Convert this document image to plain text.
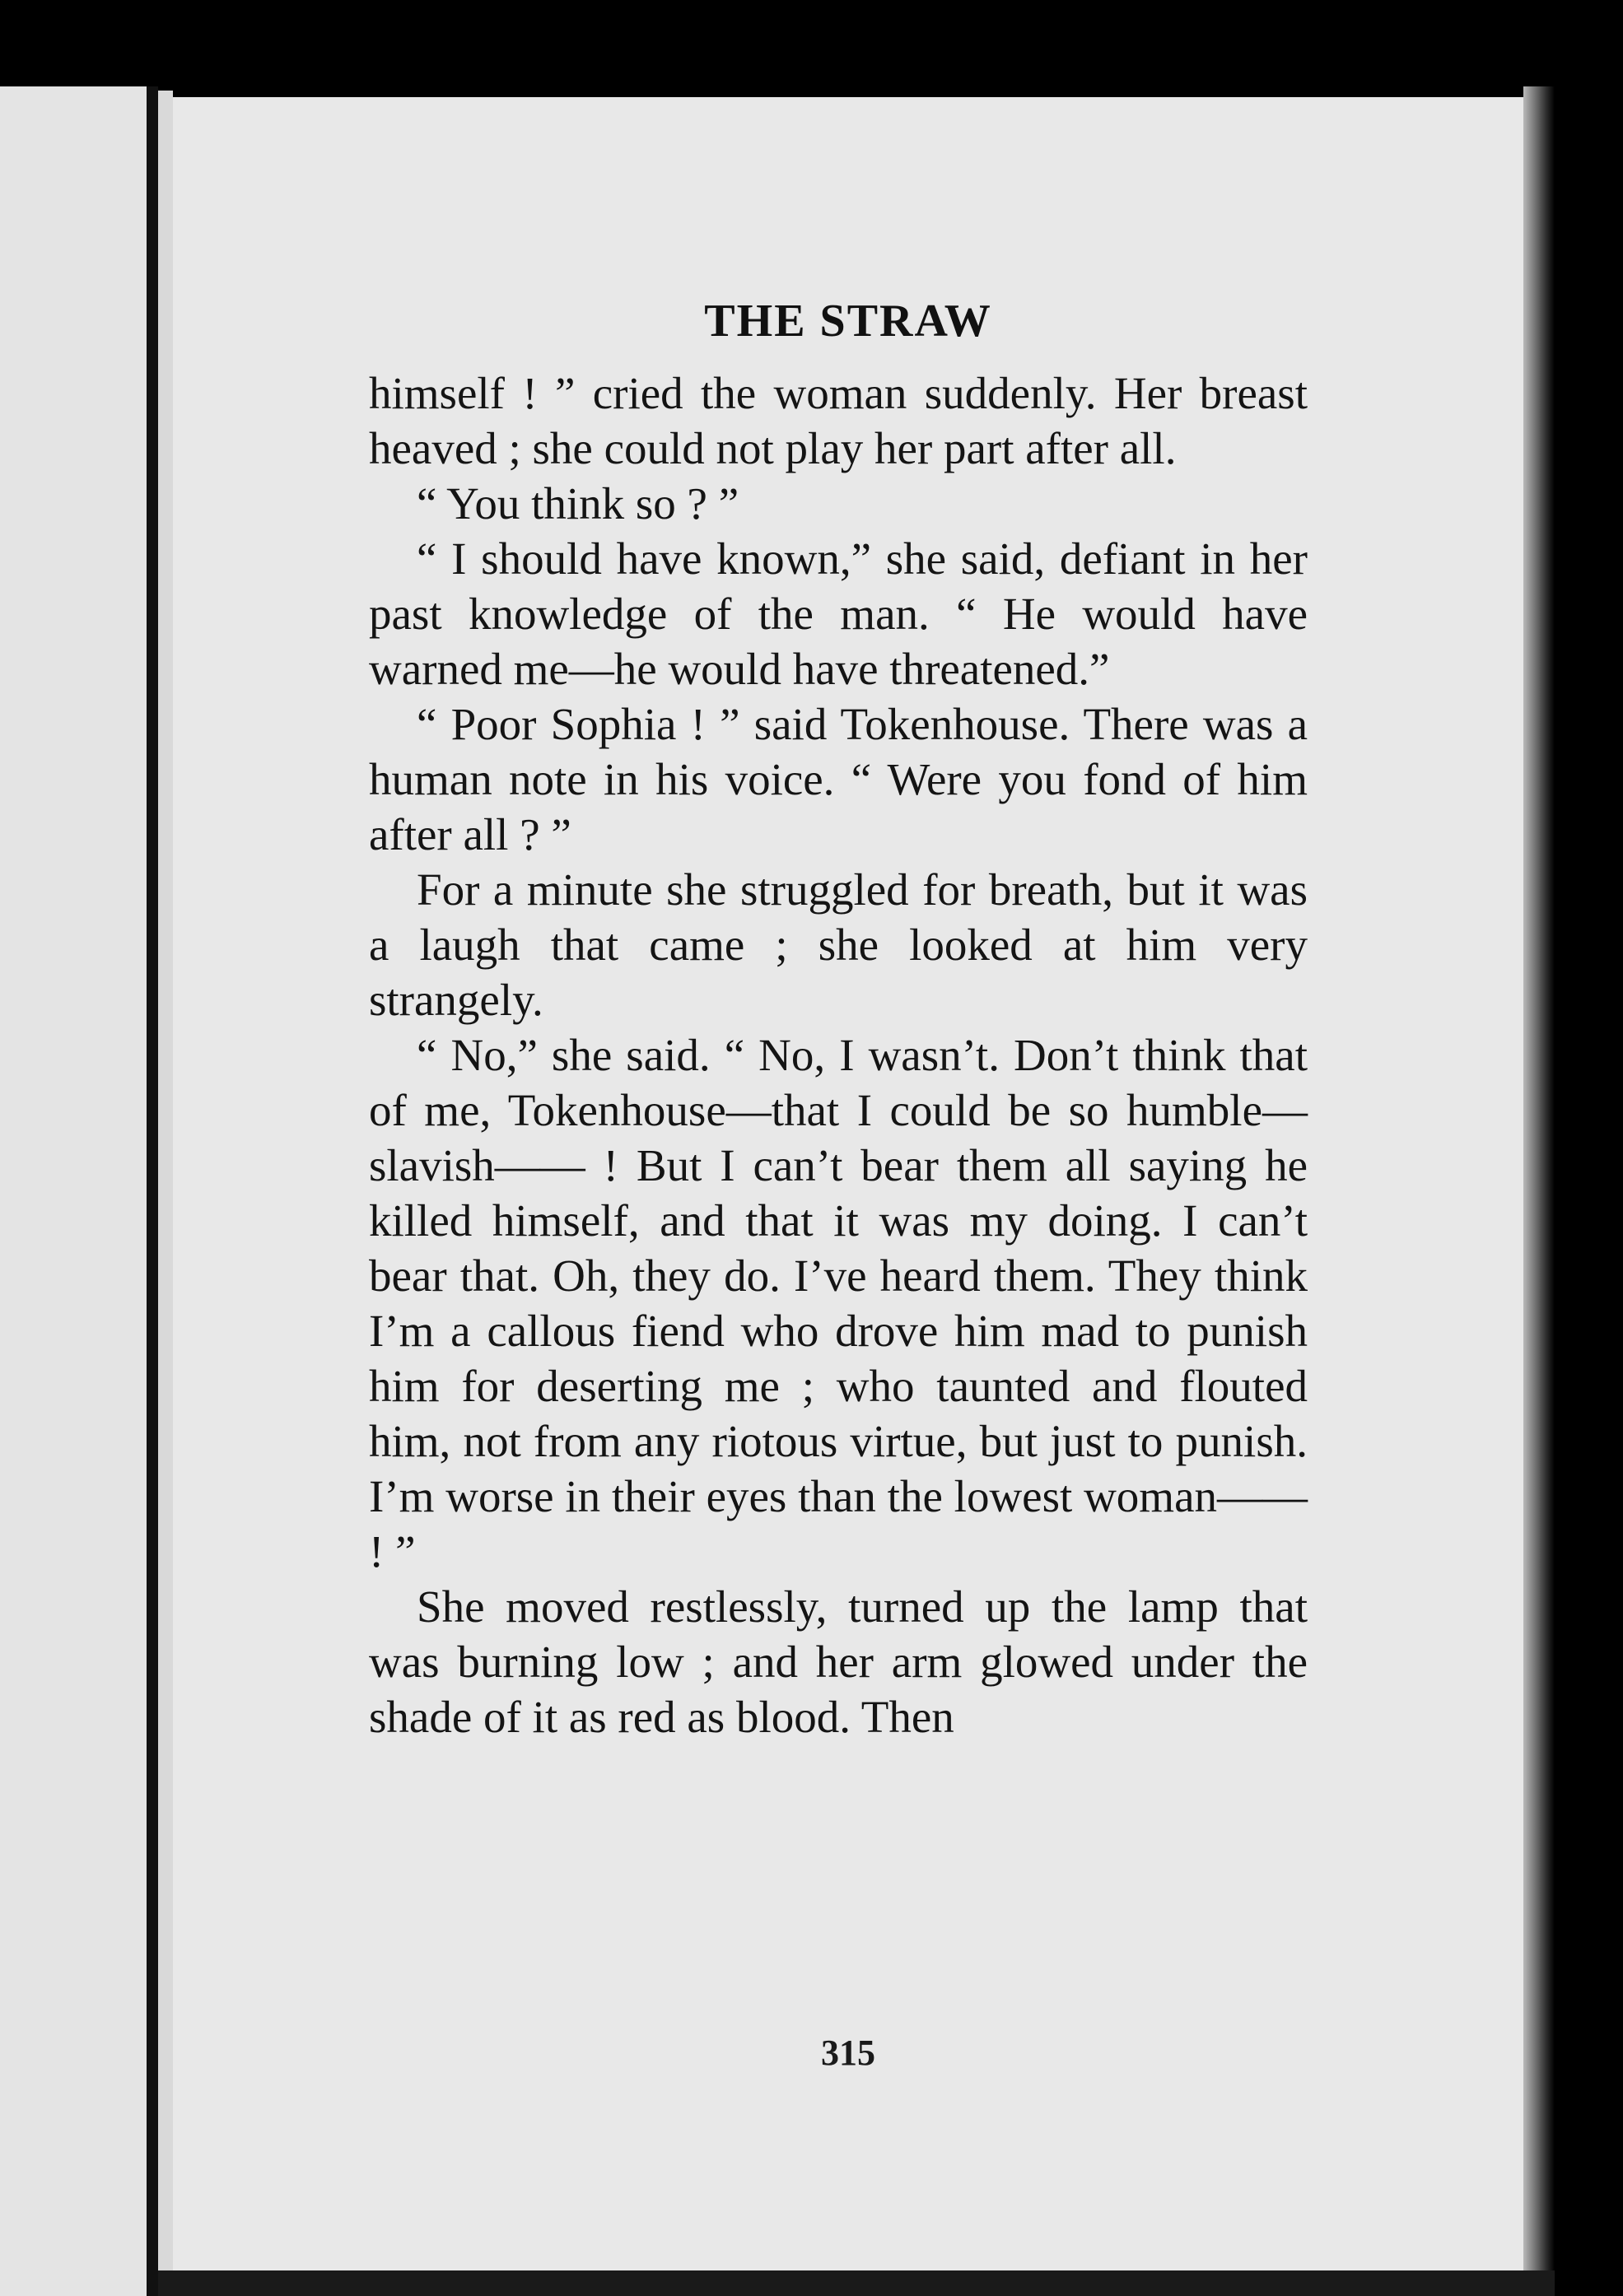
THE STRAW

himself ! ” cried the woman suddenly. Her breast heaved ; she could not play her part after all.

“ You think so ? ”

“ I should have known,” she said, defiant in her past knowledge of the man. “ He would have warned me—he would have threatened.”

“ Poor Sophia ! ” said Tokenhouse. There was a human note in his voice. “ Were you fond of him after all ? ”

For a minute she struggled for breath, but it was a laugh that came ; she looked at him very strangely.

“ No,” she said. “ No, I wasn’t. Don’t think that of me, Tokenhouse—that I could be so humble—slavish—— ! But I can’t bear them all saying he killed himself, and that it was my doing. I can’t bear that. Oh, they do. I’ve heard them. They think I’m a callous fiend who drove him mad to punish him for deserting me ; who taunted and flouted him, not from any riotous virtue, but just to punish. I’m worse in their eyes than the lowest woman—— ! ”

She moved restlessly, turned up the lamp that was burning low ; and her arm glowed under the shade of it as red as blood. Then

315
